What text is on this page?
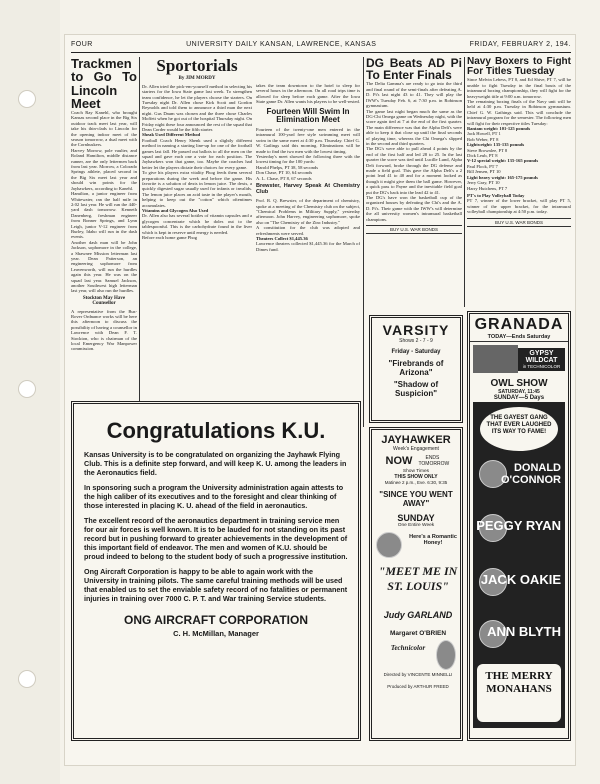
FOUR	UNIVERSITY DAILY KANSAN, LAWRENCE, KANSAS	FRIDAY, FEBRUARY 2, 194.
Trackmen to Go To Lincoln Meet

Coach Ray Kanehl, who brought Kansas second place in the Big Six outdoor track meet last year, will take his thin-clads to Lincoln for the opening indoor meet of the season tomorrow, a dual meet with the Cornhuskers.

Harvey Morrow, pole vaulter, and Roland Hamilton, middle distance runner, are the only lettermen back from last year. Morrow, a Colorado Springs athlete, placed second in the Big Six meet last year and should win points for the Jayhawkers, according to Kanehl.

Hamilton, a junior engineer from Whitewater, ran the half mile in 2:02 last year. He will run the 440-yard dash tomorrow. Kenneth Danenberg, freshman engineer from Bonner Springs, and Lynn Leigh, junior V-12 engineer from Burley, Idaho will run in the dash events.

Another dash man will be John Jackson, sophomore in the college, a Shawnee Mission letterman last year. Dean Patterson, an engineering sophomore from Leavenworth, will run the hurdles again this year. He was on the squad last year. Samuel Jackson, another Southwest high letterman last year, will also run the hurdles.

Stockton May Have Counsellor

A representative from the Bus-Rover Ordnance works will be here this afternoon to discuss the possibility of having a counsellor in Lawrence with Dean F. T. Stockton, who is chairman of the local Emergency War Manpower commission.

Sportorials
By JIM MORDY

Dr. Allen tried the pick-em-yourself method in selecting his starters for the Iowa State game last week. To strengthen team confidence, he let the players choose the starters. On Tuesday night Dr. Allen chose Kirk Scott and Gordon Reynolds and told them to announce a third man the next night. Gus Daum was chosen and the three chose Charles Moffett when he got out of the hospital Thursday night. On Friday night these four announced the rest of the squad that Dean Corder would be the fifth starter.

Sheak Used Different Method

Football Coach Henry Shenk used a slightly different method in naming a starting line-up for one of the football games last fall. He passed out ballots to all the men on the squad and gave each one a vote for each position. The Jayhawkers won that game, too. Maybe the coaches had better let the players dictate their choices for every game.

To give his players extra vitality Phog feeds them several preparations during the week and before the game. His favorite is a solution of dexts in lemon juice. The dexts, a quickly digested sugar usually used for infants or invalids. The lemon juice places an acid taste in the player's mouth, helping to keep out the "cotton" which oftentimes accumulates.

Vitamins and Glycogen Also Used

Dr. Allen also has several bottles of vitamin capsules and a glycogen concentrate which he doles out to the tablespoonful. This is the carbohydrate found in the liver which is kept in reserve until energy is needed.

Before each home game Phog

takes the team downtown to the hotel to sleep for several hours in the afternoon. On all road trips time is allowed for sleep before each game. After the Iowa State game Dr. Allen wants his players to be well-rested.

Fourteen Will Swim In Elimination Meet

Fourteen of the twenty-one men entered in the intramural 100-yard free style swimming meet will swim in the same meet at 4:30 p.m. Thursday. Chief G. W. Gatlings said this morning. Eliminations will be made to find the two men with the lowest timing.

Yesterday's meet showed the following three with the lowest timing for the 100 yards:

Harold Phelps, PT 38, 58 seconds
Don Chase, PT 10, 64 seconds
A. L. Chase, PT 8, 67 seconds
Brewster, Harvey Speak At Chemistry Club

Prof. R. Q. Brewster, of the department of chemistry, spoke at a meeting of the Chemistry club on the subject, "Chemical Problems in Military Supply," yesterday afternoon. John Harvey, engineering sophomore, spoke also on "The Chemistry of the Zinc Industry."

A constitution for the club was adopted and refreshments were served.

Theaters Collect $1,445.36

Lawrence theaters collected $1,445.36 for the March of Dimes fund.

DG Beats AD Pi To Enter Finals

The Delta Gamma's are ready to go into the third and final round of the semi-finals after defeating A. D. Pi's last night 43 to 41. They will play the IWW's Tuesday Feb. 6, at 7:30 p.m. in Robinson gymnasium.

The game last night began much the same as the DG-Chi Omega game on Wednesday night, with the score again tied at 7 at the end of the first quarter. The main difference was that the Alpha Deli's were able to keep it that close up until the final seconds of playing time, whereas the Chi Omega's slipped in the second and third quarters.

The DG's were able to pull ahead 4 points by the end of the first half and led 28 to 25. In the last quarter the score was tied until Lucille Lund, Alpha Delt forward, broke through the DG defense and made a field goal. This gave the Alpha Delt's a 2 point lead 41 to 40 and for a moment looked as though it might give them the ball game. However, a quick pass to Payne and the inevitable field goal put the DG's back into the lead 42 to 41.

The DG's have won the basketball cup of the organized houses by defeating the Chi's and the A. D. Pi's. Their game with the IWW's will determine the all university women's intramural basketball champions.

BUY U.S. WAR BONDS
Navy Boxers to Fight For Titles Tuesday

Since Melvin Lebess, PT 8, and Ed Shive, PT 7, will be unable to fight Tuesday in the final bouts of the intramural boxing championship, they will fight for the heavyweight title at 9:00 a.m. tomorrow.

The remaining boxing finals of the Navy unit will be held at 4:30 p.m. Tuesday in Robinson gymnasium. Chief G. W. Gathings said. This will conclude the intramural program for the semester. The following men will fight for their respective titles Tuesday:

Bantam weight: 101-125 pounds
Jack Howell, PT 1
Bob Weber, PT 8
Lightweight: 135-135 pounds
Steve Brownlee, PT 8
Dick Leub, PT 8
V-12 special weight: 135-165 pounds
Paul Flock, PT 7
Bill Jensen, PT 10
Light heavy weight: 165-175 pounds
Jerry Gray, PT 10
Harry Hutchens, PT 7
PT's to Play Volleyball Today

PT 7, winner of the lower bracket, will play PT 5, winner of the upper bracket, for the intramural volleyball championship at 4:50 p.m. today.

BUY U.S. WAR BONDS
Congratulations K.U.

Kansas University is to be congratulated on organizing the Jayhawk Flying Club. This is a definite step forward, and will keep K. U. among the leaders in the Aeronautics field.

In sponsoring such a program the University administration again attests to the high caliber of its executives and to the foresight and clear thinking of those interested in placing K. U. ahead of the field in aeronautics.

The excellent record of the aeronautics department in training service men for our air forces is well known. It is to be lauded for not standing on its past record but in pushing forward to greater achievements in the development of this important field of endeavor. The men and women of K.U. should be proud indeed to belong to the student body of such a progressive institution.

Ong Aircraft Corporation is happy to be able to again work with the University in training pilots. The same careful training methods will be used that enabled us to set the enviable safety record of no fatalities or permanent injuries in training over 7000 C. P. T. and War training Service students.

ONG AIRCRAFT CORPORATION
C. H. McMillan, Manager
VARSITY
Shows 2 - 7 - 9
Friday - Saturday
"Firebrands of Arizona"
"Shadow of Suspicion"
JAYHAWKER
Week's Engagement
NOW	ENDS TOMORROW
Show Times
THIS SHOW ONLY
Matinee 2 p.m., Eve. 6:30, 9:35
"SINCE YOU WENT AWAY"
SUNDAY
One Entire Week
Here's a Romantic Honey!
"MEET ME IN ST. LOUIS"
Judy GARLAND
Margaret O'BRIEN
Technicolor
Directed by VINCENTE MINNELLI
Produced by ARTHUR FREED
GRANADA
TODAY—Ends Saturday
GYPSY WILDCAT
in TECHNICOLOR
OWL SHOW
SATURDAY, 11:45
SUNDAY—5 Days
THE GAYEST GANG THAT EVER LAUGHED ITS WAY TO FAME!
DONALD O'CONNOR
PEGGY RYAN
JACK OAKIE
ANN BLYTH
THE MERRY MONAHANS
